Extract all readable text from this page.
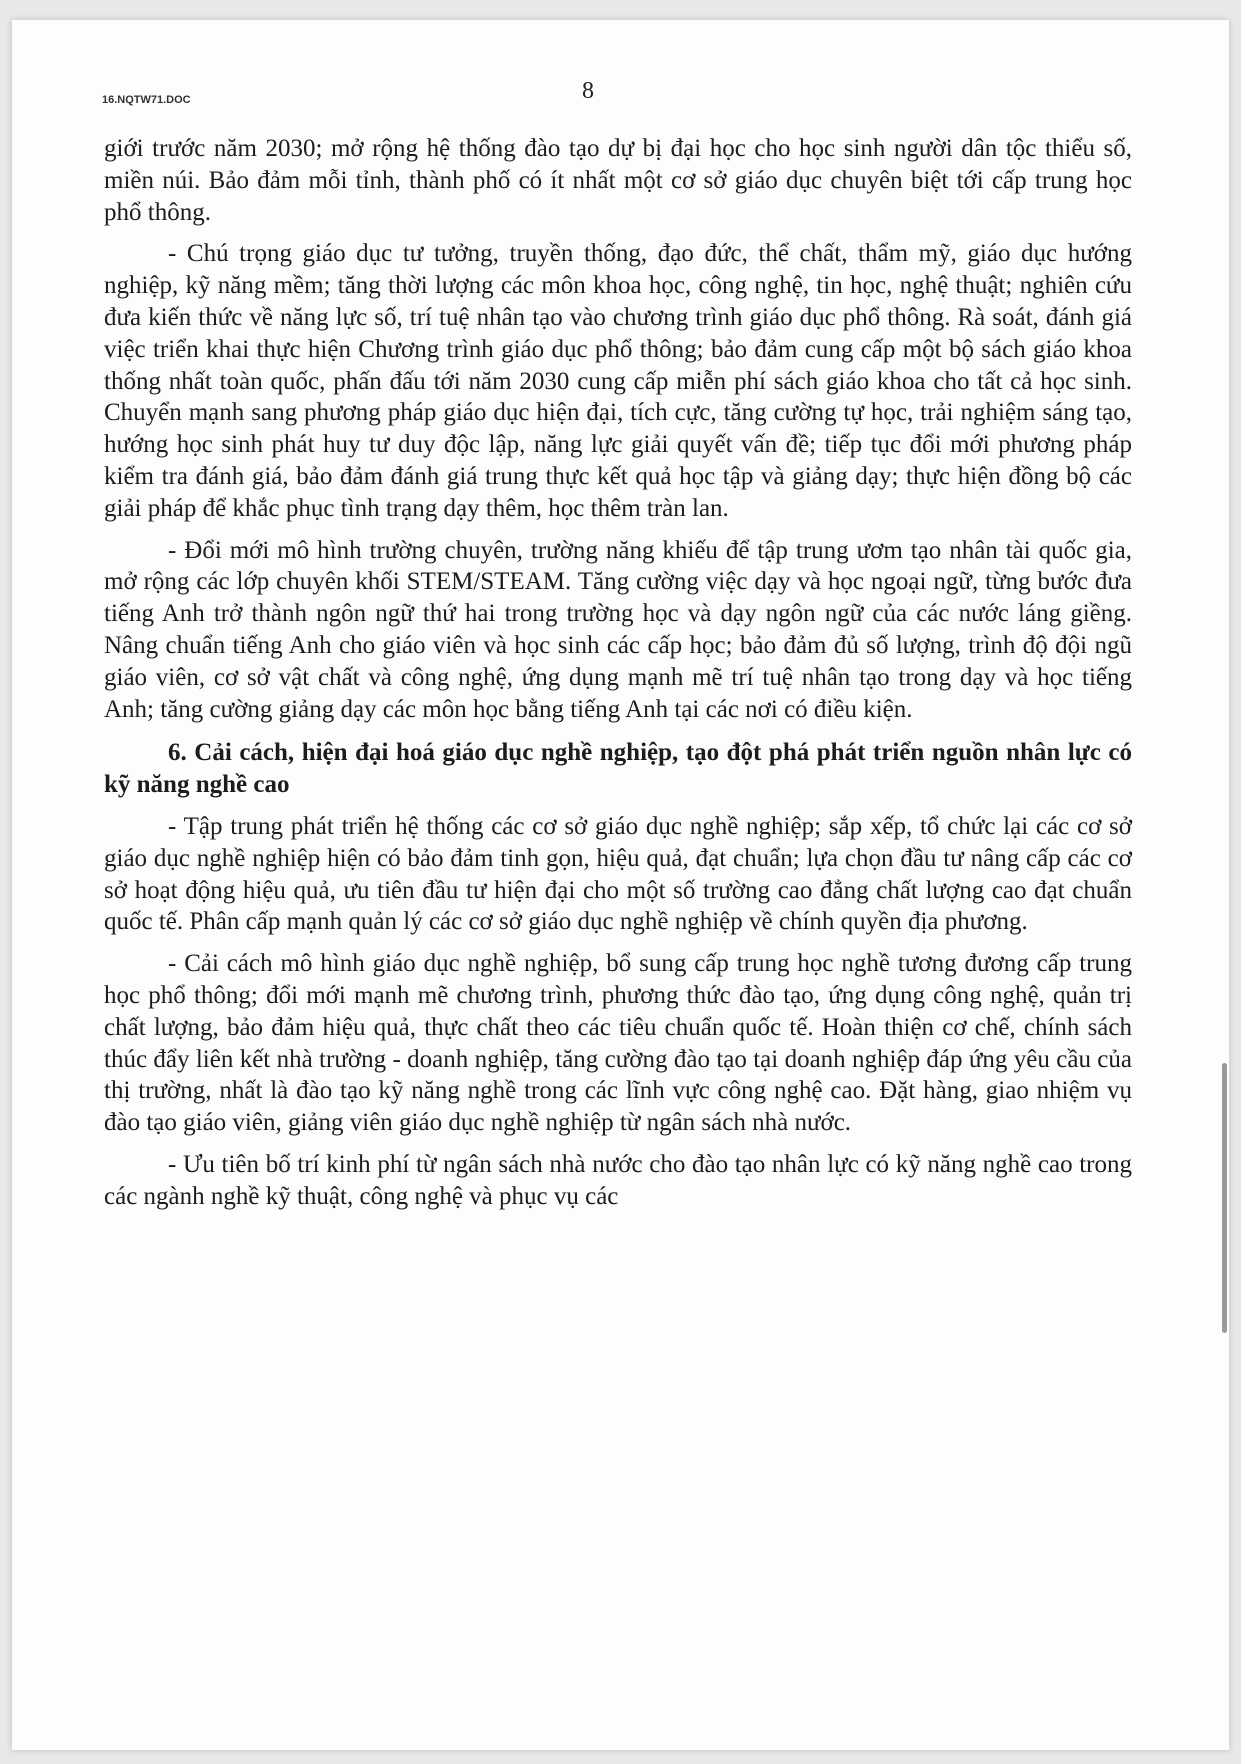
16.NQTW71.DOC	8

giới trước năm 2030; mở rộng hệ thống đào tạo dự bị đại học cho học sinh người dân tộc thiểu số, miền núi. Bảo đảm mỗi tỉnh, thành phố có ít nhất một cơ sở giáo dục chuyên biệt tới cấp trung học phổ thông.

- Chú trọng giáo dục tư tưởng, truyền thống, đạo đức, thể chất, thẩm mỹ, giáo dục hướng nghiệp, kỹ năng mềm; tăng thời lượng các môn khoa học, công nghệ, tin học, nghệ thuật; nghiên cứu đưa kiến thức về năng lực số, trí tuệ nhân tạo vào chương trình giáo dục phổ thông. Rà soát, đánh giá việc triển khai thực hiện Chương trình giáo dục phổ thông; bảo đảm cung cấp một bộ sách giáo khoa thống nhất toàn quốc, phấn đấu tới năm 2030 cung cấp miễn phí sách giáo khoa cho tất cả học sinh. Chuyển mạnh sang phương pháp giáo dục hiện đại, tích cực, tăng cường tự học, trải nghiệm sáng tạo, hướng học sinh phát huy tư duy độc lập, năng lực giải quyết vấn đề; tiếp tục đổi mới phương pháp kiểm tra đánh giá, bảo đảm đánh giá trung thực kết quả học tập và giảng dạy; thực hiện đồng bộ các giải pháp để khắc phục tình trạng dạy thêm, học thêm tràn lan.

- Đổi mới mô hình trường chuyên, trường năng khiếu để tập trung ươm tạo nhân tài quốc gia, mở rộng các lớp chuyên khối STEM/STEAM. Tăng cường việc dạy và học ngoại ngữ, từng bước đưa tiếng Anh trở thành ngôn ngữ thứ hai trong trường học và dạy ngôn ngữ của các nước láng giềng. Nâng chuẩn tiếng Anh cho giáo viên và học sinh các cấp học; bảo đảm đủ số lượng, trình độ đội ngũ giáo viên, cơ sở vật chất và công nghệ, ứng dụng mạnh mẽ trí tuệ nhân tạo trong dạy và học tiếng Anh; tăng cường giảng dạy các môn học bằng tiếng Anh tại các nơi có điều kiện.

6. Cải cách, hiện đại hoá giáo dục nghề nghiệp, tạo đột phá phát triển nguồn nhân lực có kỹ năng nghề cao

- Tập trung phát triển hệ thống các cơ sở giáo dục nghề nghiệp; sắp xếp, tổ chức lại các cơ sở giáo dục nghề nghiệp hiện có bảo đảm tinh gọn, hiệu quả, đạt chuẩn; lựa chọn đầu tư nâng cấp các cơ sở hoạt động hiệu quả, ưu tiên đầu tư hiện đại cho một số trường cao đẳng chất lượng cao đạt chuẩn quốc tế. Phân cấp mạnh quản lý các cơ sở giáo dục nghề nghiệp về chính quyền địa phương.

- Cải cách mô hình giáo dục nghề nghiệp, bổ sung cấp trung học nghề tương đương cấp trung học phổ thông; đổi mới mạnh mẽ chương trình, phương thức đào tạo, ứng dụng công nghệ, quản trị chất lượng, bảo đảm hiệu quả, thực chất theo các tiêu chuẩn quốc tế. Hoàn thiện cơ chế, chính sách thúc đẩy liên kết nhà trường - doanh nghiệp, tăng cường đào tạo tại doanh nghiệp đáp ứng yêu cầu của thị trường, nhất là đào tạo kỹ năng nghề trong các lĩnh vực công nghệ cao. Đặt hàng, giao nhiệm vụ đào tạo giáo viên, giảng viên giáo dục nghề nghiệp từ ngân sách nhà nước.

- Ưu tiên bố trí kinh phí từ ngân sách nhà nước cho đào tạo nhân lực có kỹ năng nghề cao trong các ngành nghề kỹ thuật, công nghệ và phục vụ các
